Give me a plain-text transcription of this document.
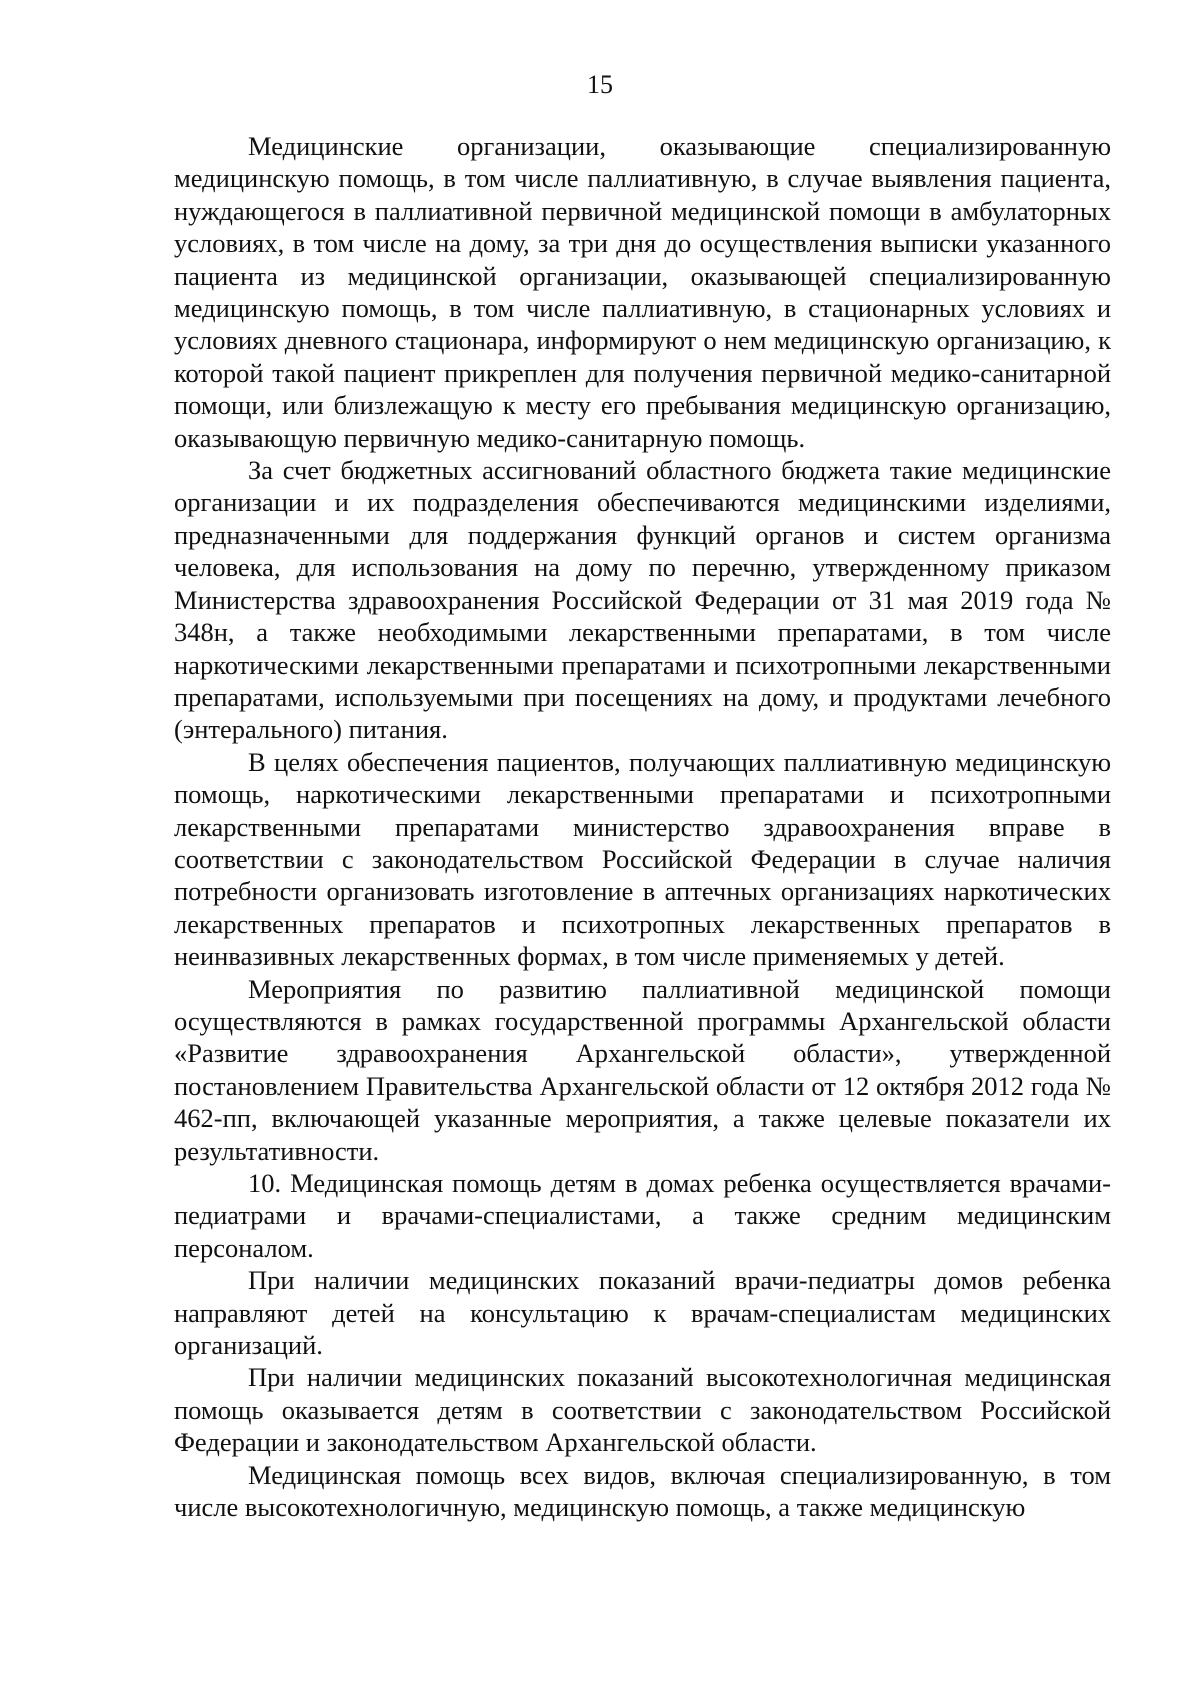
15

Медицинские организации, оказывающие специализированную медицинскую помощь, в том числе паллиативную, в случае выявления пациента, нуждающегося в паллиативной первичной медицинской помощи в амбулаторных условиях, в том числе на дому, за три дня до осуществления выписки указанного пациента из медицинской организации, оказывающей специализированную медицинскую помощь, в том числе паллиативную, в стационарных условиях и условиях дневного стационара, информируют о нем медицинскую организацию, к которой такой пациент прикреплен для получения первичной медико-санитарной помощи, или близлежащую к месту его пребывания медицинскую организацию, оказывающую первичную медико-санитарную помощь.

За счет бюджетных ассигнований областного бюджета такие медицинские организации и их подразделения обеспечиваются медицинскими изделиями, предназначенными для поддержания функций органов и систем организма человека, для использования на дому по перечню, утвержденному приказом Министерства здравоохранения Российской Федерации от 31 мая 2019 года № 348н, а также необходимыми лекарственными препаратами, в том числе наркотическими лекарственными препаратами и психотропными лекарственными препаратами, используемыми при посещениях на дому, и продуктами лечебного (энтерального) питания.

В целях обеспечения пациентов, получающих паллиативную медицинскую помощь, наркотическими лекарственными препаратами и психотропными лекарственными препаратами министерство здравоохранения вправе в соответствии с законодательством Российской Федерации в случае наличия потребности организовать изготовление в аптечных организациях наркотических лекарственных препаратов и психотропных лекарственных препаратов в неинвазивных лекарственных формах, в том числе применяемых у детей.

Мероприятия по развитию паллиативной медицинской помощи осуществляются в рамках государственной программы Архангельской области «Развитие здравоохранения Архангельской области», утвержденной постановлением Правительства Архангельской области от 12 октября 2012 года № 462-пп, включающей указанные мероприятия, а также целевые показатели их результативности.

10. Медицинская помощь детям в домах ребенка осуществляется врачами-педиатрами и врачами-специалистами, а также средним медицинским персоналом.

При наличии медицинских показаний врачи-педиатры домов ребенка направляют детей на консультацию к врачам-специалистам медицинских организаций.

При наличии медицинских показаний высокотехнологичная медицинская помощь оказывается детям в соответствии с законодательством Российской Федерации и законодательством Архангельской области.

Медицинская помощь всех видов, включая специализированную, в том числе высокотехнологичную, медицинскую помощь, а также медицинскую
